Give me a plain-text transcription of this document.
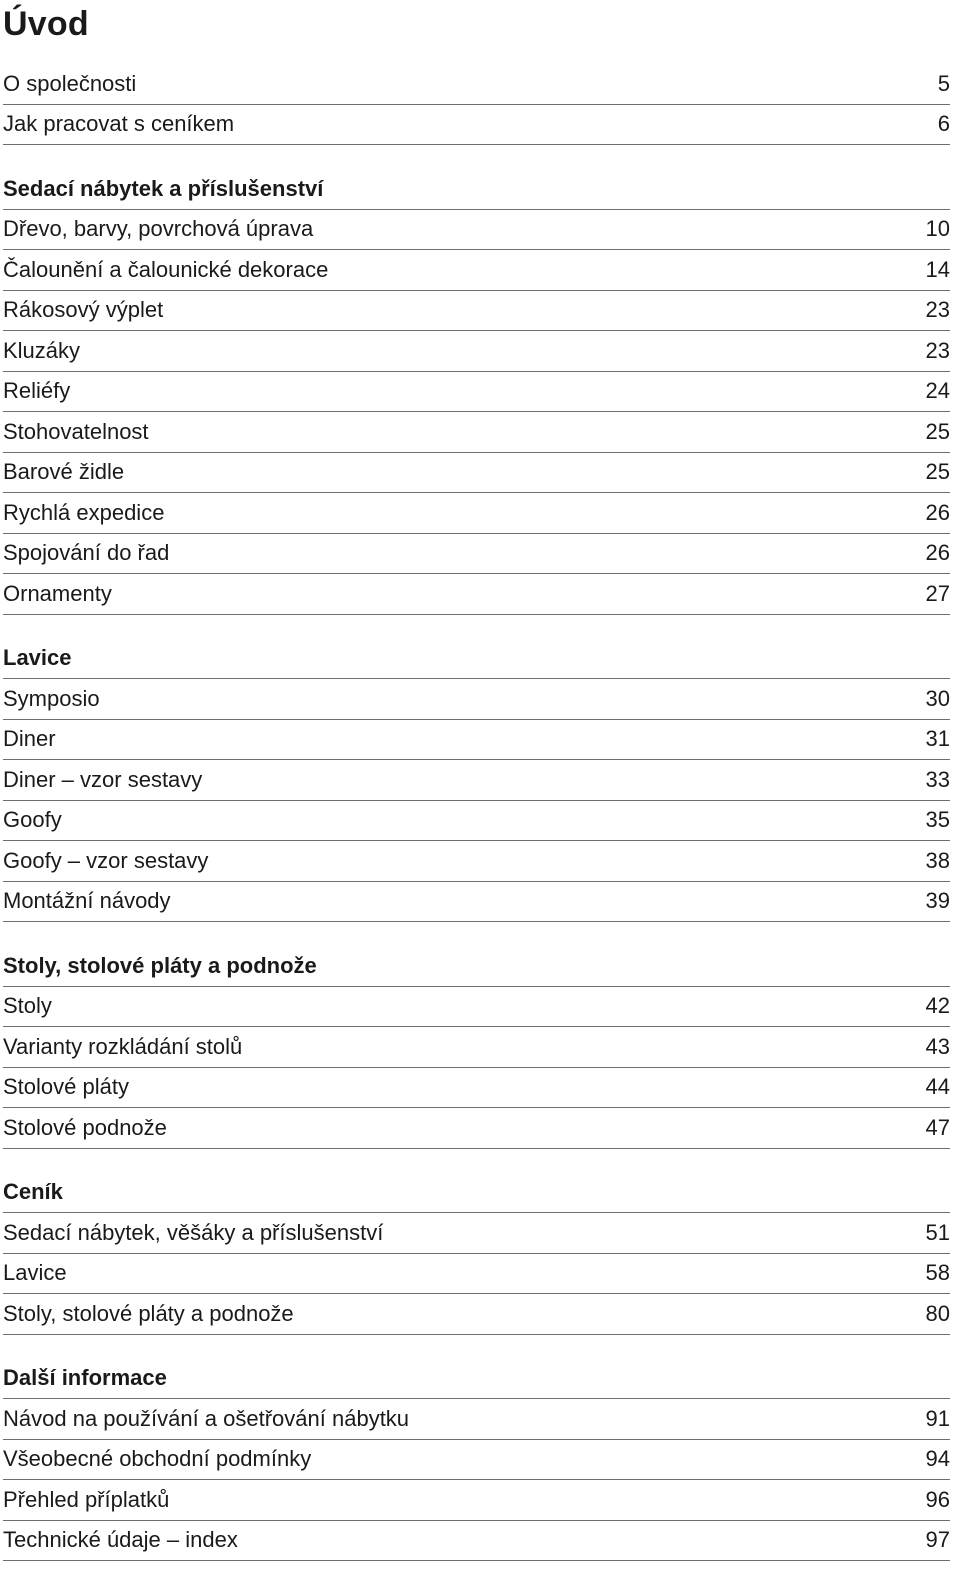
Úvod
O společnosti	5
Jak pracovat s ceníkem	6
Sedací nábytek a příslušenství
Dřevo, barvy, povrchová úprava	10
Čalounění a čalounické dekorace	14
Rákosový výplet	23
Kluzáky	23
Reliéfy	24
Stohovatelnost	25
Barové židle	25
Rychlá expedice	26
Spojování do řad	26
Ornamenty	27
Lavice
Symposio	30
Diner	31
Diner – vzor sestavy	33
Goofy	35
Goofy – vzor sestavy	38
Montážní návody	39
Stoly, stolové pláty a podnože
Stoly	42
Varianty rozkládání stolů	43
Stolové pláty	44
Stolové podnože	47
Ceník
Sedací nábytek, věšáky a příslušenství	51
Lavice	58
Stoly, stolové pláty a podnože	80
Další informace
Návod na používání a ošetřování nábytku	91
Všeobecné obchodní podmínky	94
Přehled příplatků	96
Technické údaje – index	97
